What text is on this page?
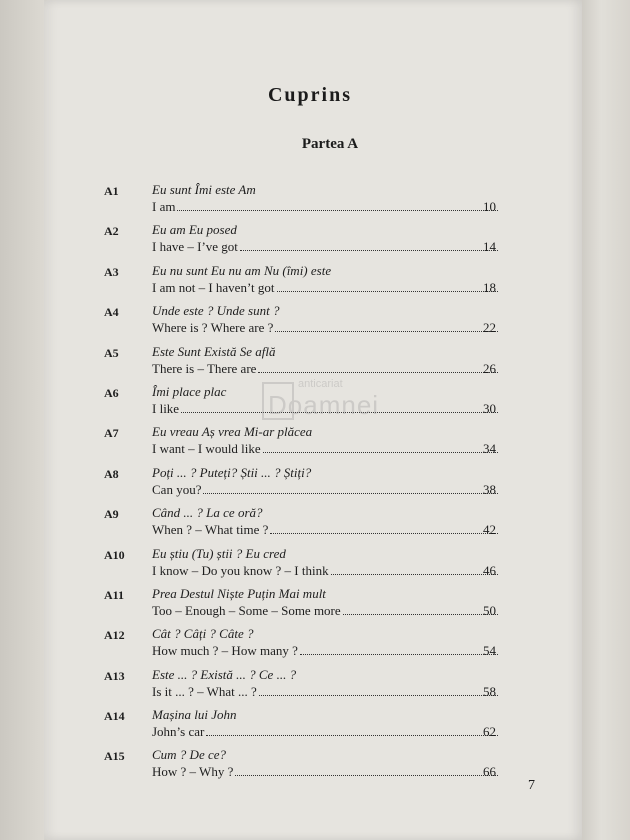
Cuprins
Partea A
A1	Eu sunt Îmi este Am
I am	10
A2	Eu am Eu posed
I have – I’ve got	14
A3	Eu nu sunt Eu nu am Nu (îmi) este
I am not – I haven’t got	18
A4	Unde este ? Unde sunt ?
Where is ? Where are ?	22
A5	Este Sunt Există Se află
There is – There are	26
A6	Îmi place plac
I like	30
A7	Eu vreau Aș vrea Mi-ar plăcea
I want – I would like	34
A8	Poți ... ? Puteți? Știi ... ? Știți?
Can you?	38
A9	Când ... ? La ce oră?
When ? – What time ?	42
A10	Eu știu (Tu) știi ? Eu cred
I know – Do you know ? – I think	46
A11	Prea Destul Niște Puțin Mai mult
Too – Enough – Some – Some more	50
A12	Cât ? Câți ? Câte ?
How much ? – How many ?	54
A13	Este ... ? Există ... ? Ce ... ?
Is it ... ? – What ... ?	58
A14	Mașina lui John
John’s car	62
A15	Cum ? De ce?
How ? – Why ?	66
anticariat
Doamnei
7
